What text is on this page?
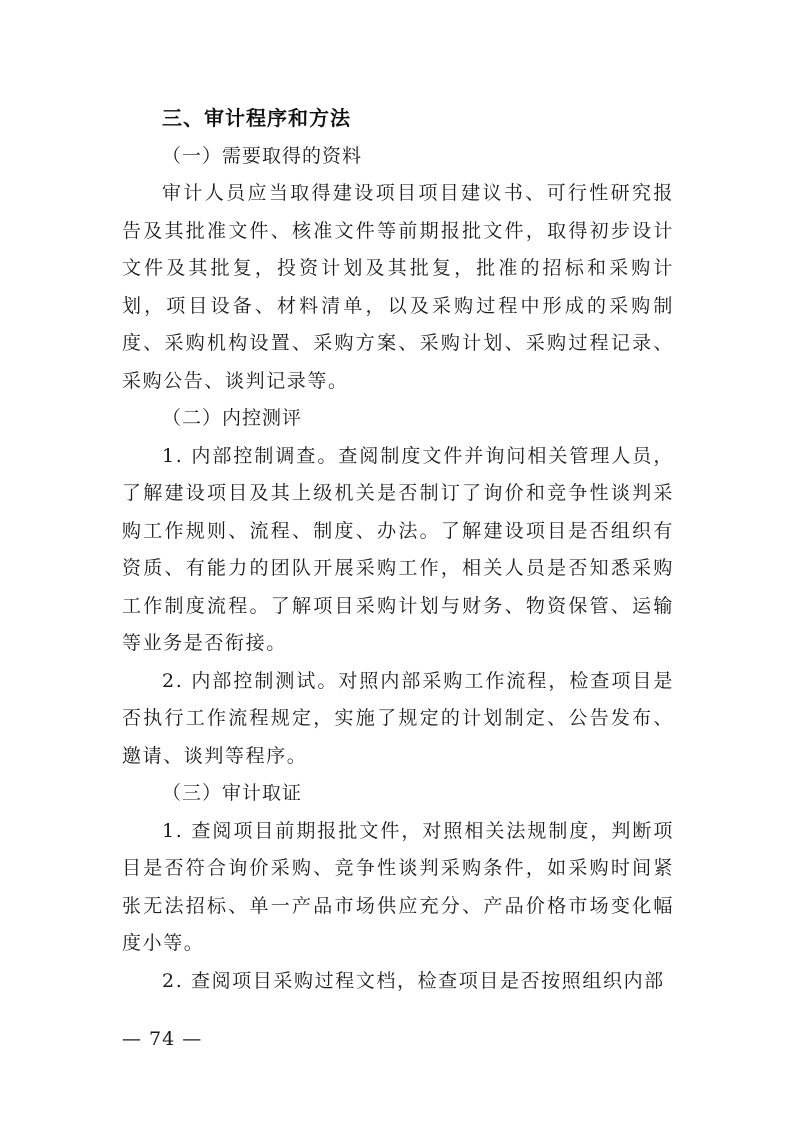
三、审计程序和方法

（一）需要取得的资料

审计人员应当取得建设项目项目建议书、可行性研究报告及其批准文件、核准文件等前期报批文件，取得初步设计文件及其批复，投资计划及其批复，批准的招标和采购计划，项目设备、材料清单，以及采购过程中形成的采购制度、采购机构设置、采购方案、采购计划、采购过程记录、采购公告、谈判记录等。

（二）内控测评

1. 内部控制调查。查阅制度文件并询问相关管理人员，了解建设项目及其上级机关是否制订了询价和竞争性谈判采购工作规则、流程、制度、办法。了解建设项目是否组织有资质、有能力的团队开展采购工作，相关人员是否知悉采购工作制度流程。了解项目采购计划与财务、物资保管、运输等业务是否衔接。

2. 内部控制测试。对照内部采购工作流程，检查项目是否执行工作流程规定，实施了规定的计划制定、公告发布、邀请、谈判等程序。

（三）审计取证

1. 查阅项目前期报批文件，对照相关法规制度，判断项目是否符合询价采购、竞争性谈判采购条件，如采购时间紧张无法招标、单一产品市场供应充分、产品价格市场变化幅度小等。

2. 查阅项目采购过程文档，检查项目是否按照组织内部

— 74 —
